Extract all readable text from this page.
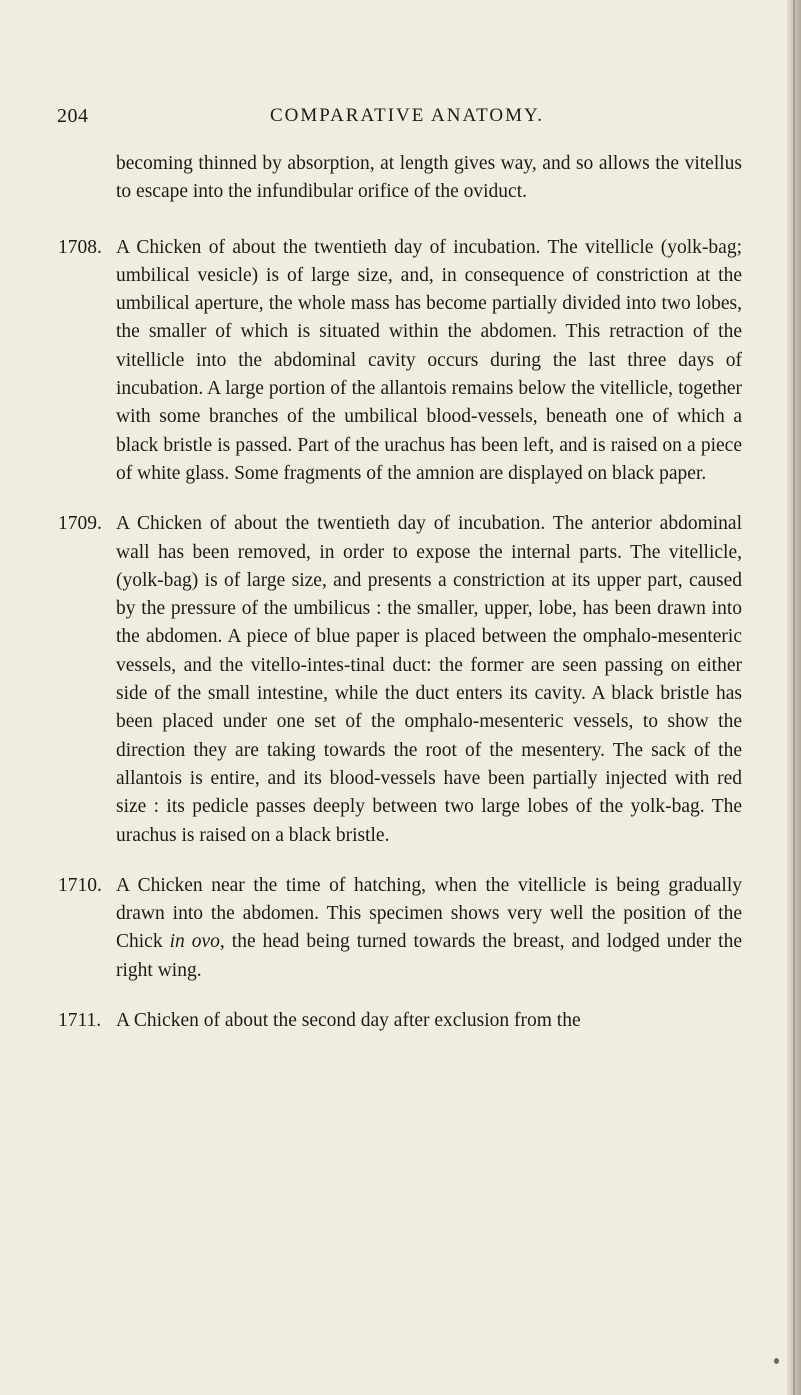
204	COMPARATIVE ANATOMY.

becoming thinned by absorption, at length gives way, and so allows the vitellus to escape into the infundibular orifice of the oviduct.

1708. A Chicken of about the twentieth day of incubation. The vitellicle (yolk-bag; umbilical vesicle) is of large size, and, in consequence of constriction at the umbilical aperture, the whole mass has become partially divided into two lobes, the smaller of which is situated within the abdomen. This retraction of the vitellicle into the abdominal cavity occurs during the last three days of incubation. A large portion of the allantois remains below the vitellicle, together with some branches of the umbilical blood-vessels, beneath one of which a black bristle is passed. Part of the urachus has been left, and is raised on a piece of white glass. Some fragments of the amnion are displayed on black paper.

1709. A Chicken of about the twentieth day of incubation. The anterior abdominal wall has been removed, in order to expose the internal parts. The vitellicle, (yolk-bag) is of large size, and presents a constriction at its upper part, caused by the pressure of the umbilicus : the smaller, upper, lobe, has been drawn into the abdomen. A piece of blue paper is placed between the omphalo-mesenteric vessels, and the vitello-intes-tinal duct: the former are seen passing on either side of the small intestine, while the duct enters its cavity. A black bristle has been placed under one set of the omphalo-mesenteric vessels, to show the direction they are taking towards the root of the mesentery. The sack of the allantois is entire, and its blood-vessels have been partially injected with red size : its pedicle passes deeply between two large lobes of the yolk-bag. The urachus is raised on a black bristle.

1710. A Chicken near the time of hatching, when the vitellicle is being gradually drawn into the abdomen. This specimen shows very well the position of the Chick in ovo, the head being turned towards the breast, and lodged under the right wing.

1711. A Chicken of about the second day after exclusion from the
